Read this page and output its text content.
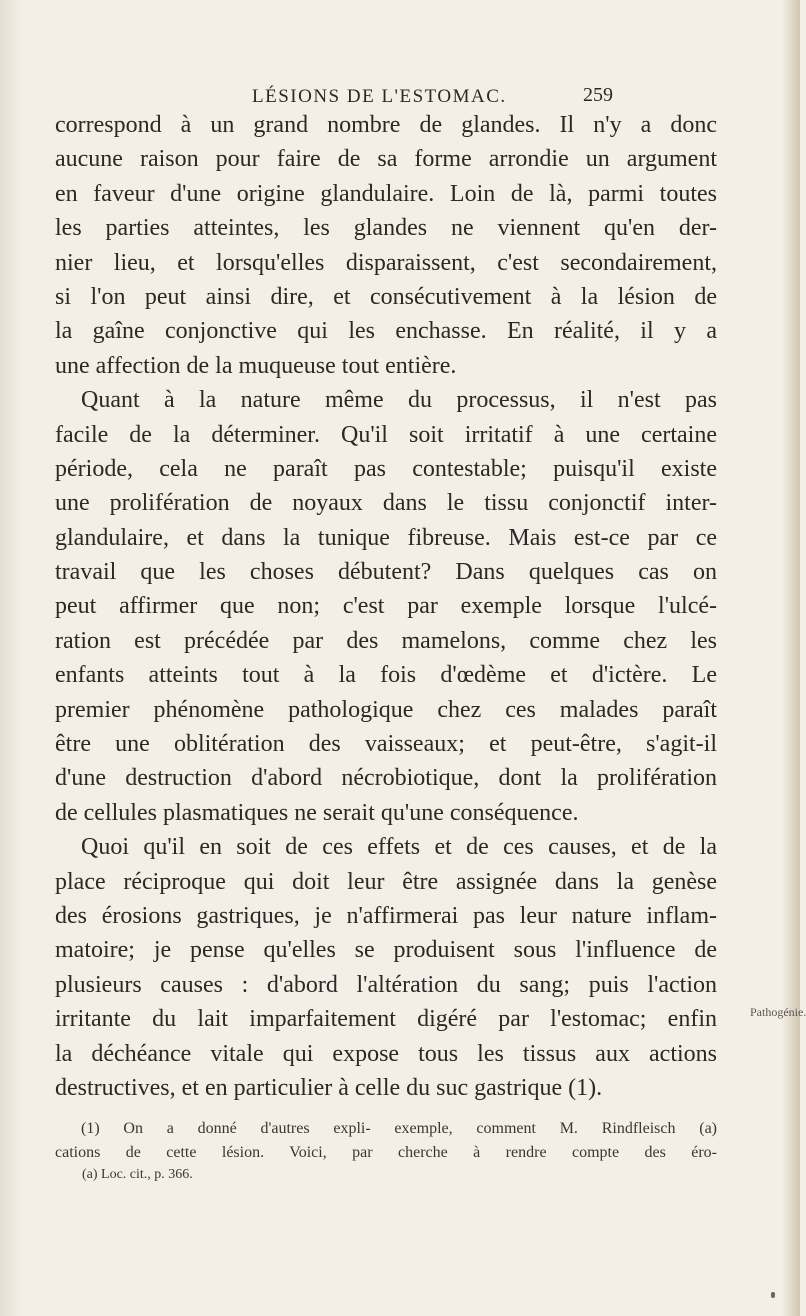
LÉSIONS DE L'ESTOMAC.	259
correspond à un grand nombre de glandes. Il n'y a donc
aucune raison pour faire de sa forme arrondie un argument
en faveur d'une origine glandulaire. Loin de là, parmi toutes
les parties atteintes, les glandes ne viennent qu'en der-
nier lieu, et lorsqu'elles disparaissent, c'est secondairement,
si l'on peut ainsi dire, et consécutivement à la lésion de
la gaîne conjonctive qui les enchasse. En réalité, il y a
une affection de la muqueuse tout entière.
Quant à la nature même du processus, il n'est pas
facile de la déterminer. Qu'il soit irritatif à une certaine
période, cela ne paraît pas contestable; puisqu'il existe
une prolifération de noyaux dans le tissu conjonctif inter-
glandulaire, et dans la tunique fibreuse. Mais est-ce par ce
travail que les choses débutent? Dans quelques cas on
peut affirmer que non; c'est par exemple lorsque l'ulcé-
ration est précédée par des mamelons, comme chez les
enfants atteints tout à la fois d'œdème et d'ictère. Le
premier phénomène pathologique chez ces malades paraît
être une oblitération des vaisseaux; et peut-être, s'agit-il
d'une destruction d'abord nécrobiotique, dont la prolifération
de cellules plasmatiques ne serait qu'une conséquence.
Quoi qu'il en soit de ces effets et de ces causes, et de la
place réciproque qui doit leur être assignée dans la genèse
des érosions gastriques, je n'affirmerai pas leur nature inflam-
matoire; je pense qu'elles se produisent sous l'influence de
plusieurs causes : d'abord l'altération du sang; puis l'action
irritante du lait imparfaitement digéré par l'estomac; enfin
la déchéance vitale qui expose tous les tissus aux actions
destructives, et en particulier à celle du suc gastrique (1).
Pathogénie.
(1) On a donné d'autres expli- exemple, comment M. Rindfleisch (a)
cations de cette lésion. Voici, par cherche à rendre compte des éro-
(a) Loc. cit., p. 366.
